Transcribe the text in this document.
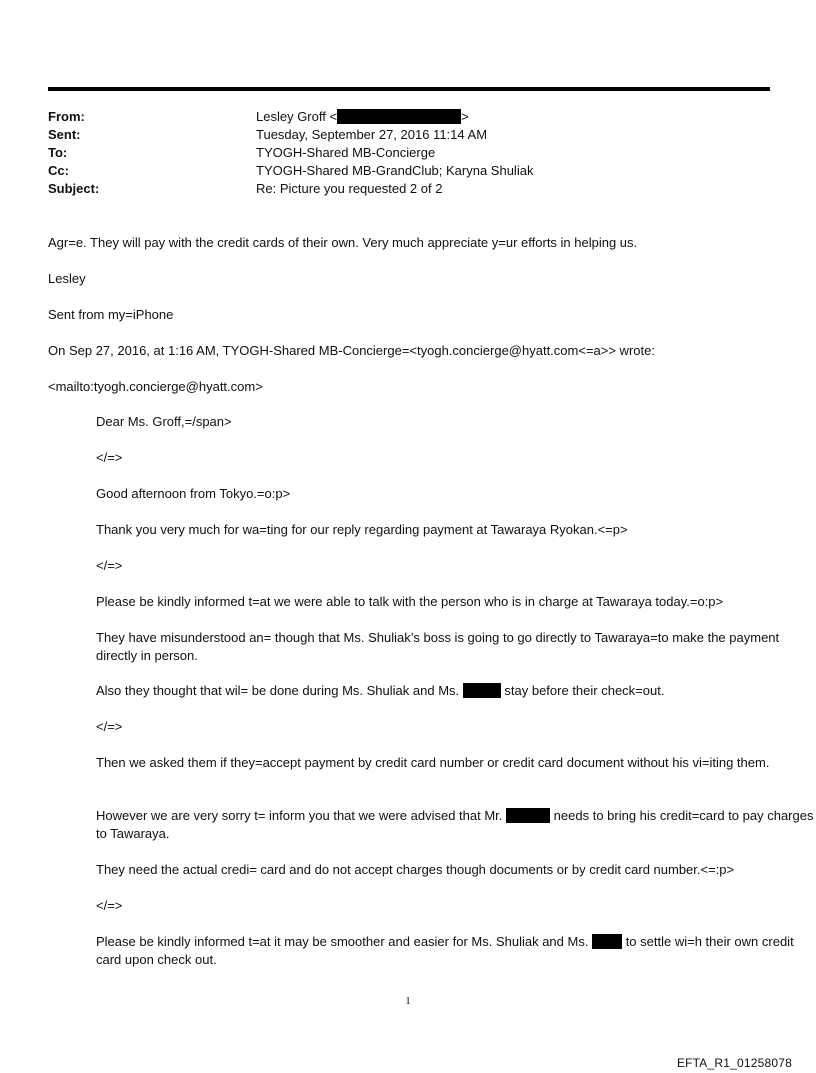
From:	Lesley Groff <	>
Sent:	Tuesday, September 27, 2016 11:14 AM
To:	TYOGH-Shared MB-Concierge
Cc:	TYOGH-Shared MB-GrandClub; Karyna Shuliak
Subject:	Re: Picture you requested 2 of 2
Agr=e. They will pay with the credit cards of their own. Very much appreciate y=ur efforts in helping us.
Lesley
Sent from my=iPhone
On Sep 27, 2016, at 1:16 AM, TYOGH-Shared MB-Concierge=<tyogh.concierge@hyatt.com<=a>> wrote:
<mailto:tyogh.concierge@hyatt.com>
Dear Ms. Groff,=/span>
</=>
Good afternoon from Tokyo.=o:p>
Thank you very much for wa=ting for our reply regarding payment at Tawaraya Ryokan.<=p>
</=>
Please be kindly informed t=at we were able to talk with the person who is in charge at Tawaraya today.=o:p>
They have misunderstood an= though that Ms. Shuliak’s boss is going to go directly to Tawaraya=to make the payment directly in person.
Also they thought that wil= be done during Ms. Shuliak and Ms.	stay before their check=out.
</=>
Then we asked them if they=accept payment by credit card number or credit card document without his vi=iting them.
However we are very sorry t= inform you that we were advised that Mr.	needs to bring his credit=card to pay charges to Tawaraya.
They need the actual credi= card and do not accept charges though documents or by credit card number.<=:p>
</=>
Please be kindly informed t=at it may be smoother and easier for Ms. Shuliak and Ms.	to settle wi=h their own credit card upon check out.
1
EFTA_R1_01258078
